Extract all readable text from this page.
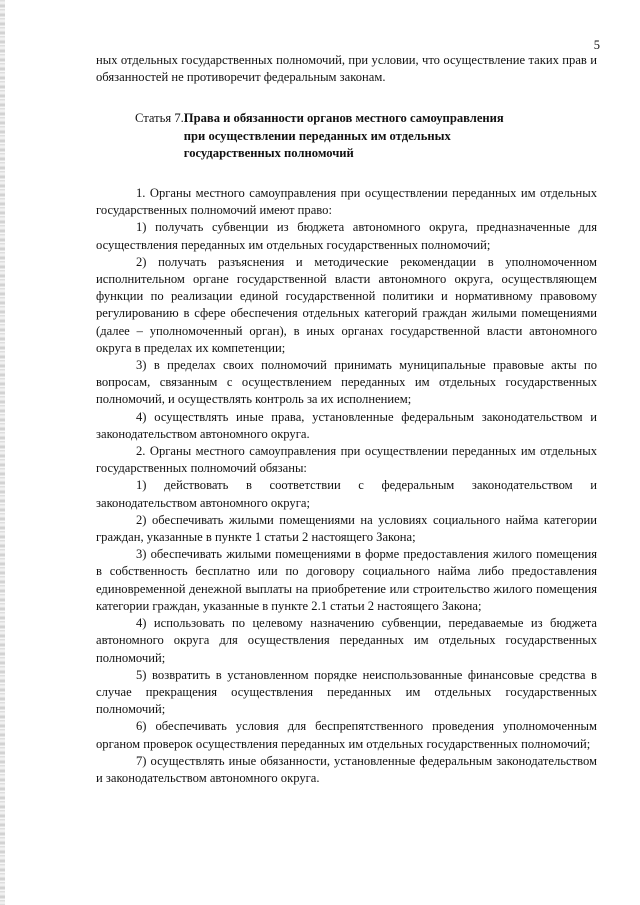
5

ных отдельных государственных полномочий, при условии, что осуществление таких прав и обязанностей не противоречит федеральным законам.

Статья 7. Права и обязанности органов местного самоуправления при осуществлении переданных им отдельных государственных полномочий

1. Органы местного самоуправления при осуществлении переданных им отдельных государственных полномочий имеют право:

1) получать субвенции из бюджета автономного округа, предназначенные для осуществления переданных им отдельных государственных полномочий;

2) получать разъяснения и методические рекомендации в уполномоченном исполнительном органе государственной власти автономного округа, осуществляющем функции по реализации единой государственной политики и нормативному правовому регулированию в сфере обеспечения отдельных категорий граждан жилыми помещениями (далее – уполномоченный орган), в иных органах государственной власти автономного округа в пределах их компетенции;

3) в пределах своих полномочий принимать муниципальные правовые акты по вопросам, связанным с осуществлением переданных им отдельных государственных полномочий, и осуществлять контроль за их исполнением;

4) осуществлять иные права, установленные федеральным законодательством и законодательством автономного округа.

2. Органы местного самоуправления при осуществлении переданных им отдельных государственных полномочий обязаны:

1) действовать в соответствии с федеральным законодательством и законодательством автономного округа;

2) обеспечивать жилыми помещениями на условиях социального найма категории граждан, указанные в пункте 1 статьи 2 настоящего Закона;

3) обеспечивать жилыми помещениями в форме предоставления жилого помещения в собственность бесплатно или по договору социального найма либо предоставления единовременной денежной выплаты на приобретение или строительство жилого помещения категории граждан, указанные в пункте 2.1 статьи 2 настоящего Закона;

4) использовать по целевому назначению субвенции, передаваемые из бюджета автономного округа для осуществления переданных им отдельных государственных полномочий;

5) возвратить в установленном порядке неиспользованные финансовые средства в случае прекращения осуществления переданных им отдельных государственных полномочий;

6) обеспечивать условия для беспрепятственного проведения уполномоченным органом проверок осуществления переданных им отдельных государственных полномочий;

7) осуществлять иные обязанности, установленные федеральным законодательством и законодательством автономного округа.
